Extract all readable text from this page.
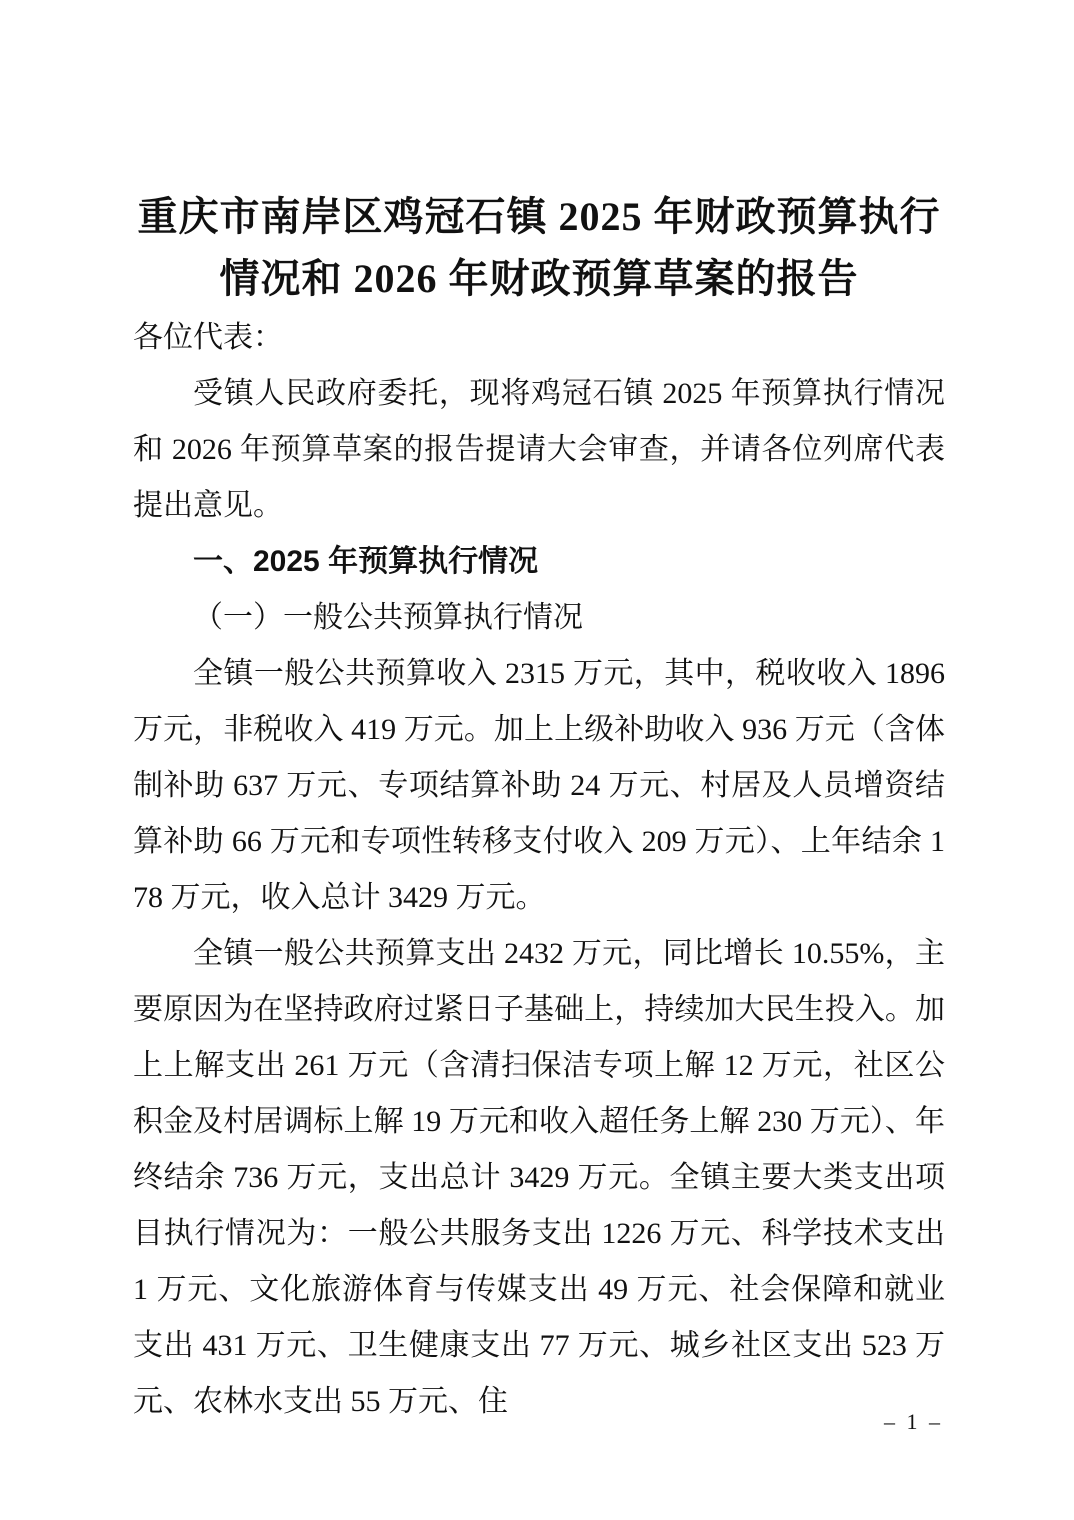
重庆市南岸区鸡冠石镇 2025 年财政预算执行
情况和 2026 年财政预算草案的报告

各位代表：

受镇人民政府委托，现将鸡冠石镇 2025 年预算执行情况和 2026 年预算草案的报告提请大会审查，并请各位列席代表提出意见。

一、2025 年预算执行情况

（一）一般公共预算执行情况

全镇一般公共预算收入 2315 万元，其中，税收收入 1896 万元，非税收入 419 万元。加上上级补助收入 936 万元（含体制补助 637 万元、专项结算补助 24 万元、村居及人员增资结算补助 66 万元和专项性转移支付收入 209 万元）、上年结余 178 万元，收入总计 3429 万元。

全镇一般公共预算支出 2432 万元，同比增长 10.55%，主要原因为在坚持政府过紧日子基础上，持续加大民生投入。加上上解支出 261 万元（含清扫保洁专项上解 12 万元，社区公积金及村居调标上解 19 万元和收入超任务上解 230 万元）、年终结余 736 万元，支出总计 3429 万元。全镇主要大类支出项目执行情况为：一般公共服务支出 1226 万元、科学技术支出 1 万元、文化旅游体育与传媒支出 49 万元、社会保障和就业支出 431 万元、卫生健康支出 77 万元、城乡社区支出 523 万元、农林水支出 55 万元、住

– 1 –
